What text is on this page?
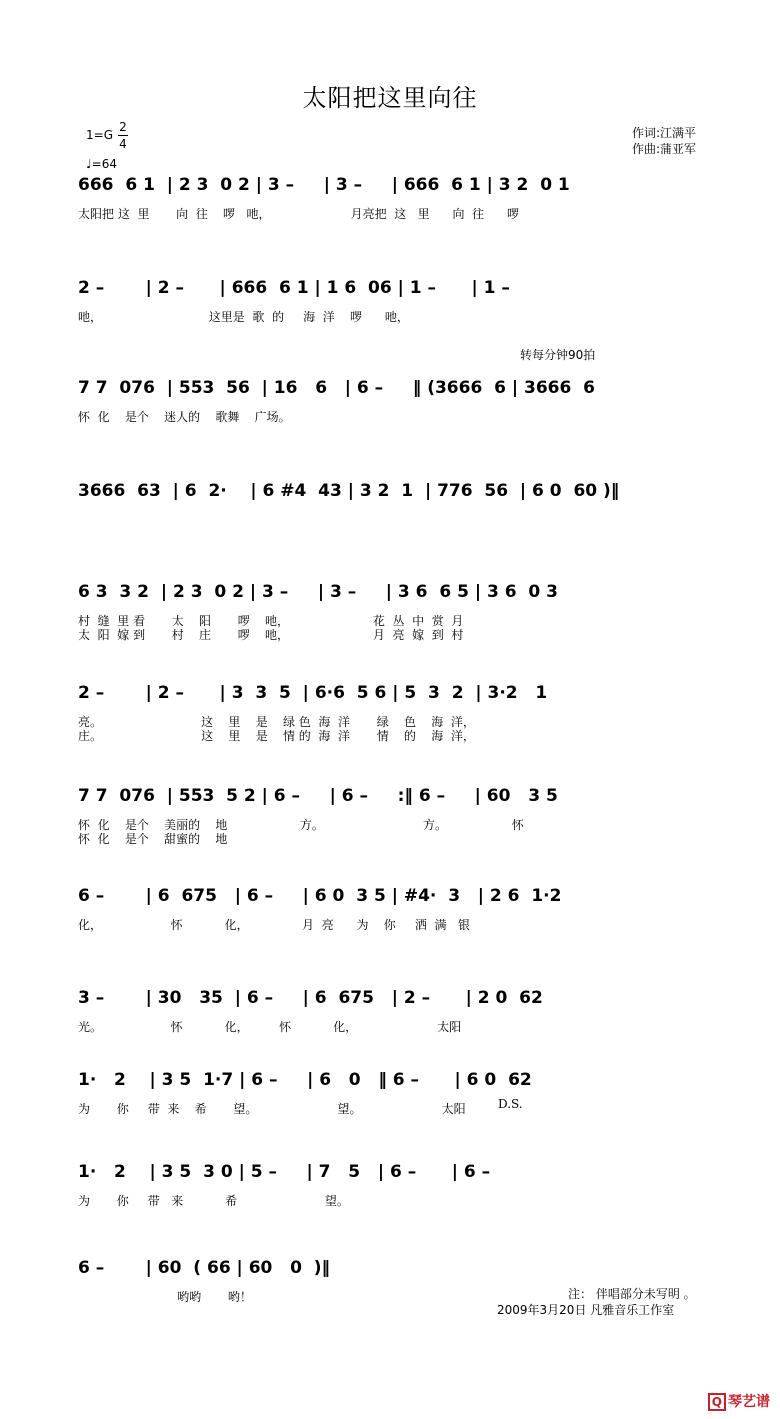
太阳把这里向往
1=G
2
4
♩=64
作词:江满平
作曲:蒲亚军
转每分钟90拍
D.S.
666  6 1  | 2 3  0 2 | 3 –     | 3 –     | 666  6 1 | 3 2  0 1
太阳把 这  里       向  往    啰   吔，                     月亮把  这   里      向  往      啰
2 –       | 2 –      | 666  6 1 | 1 6  06 | 1 –      | 1 –
吔，                            这里是  歌  的     海  洋    啰      吔，
7 7  076  | 553  56  | 16   6   | 6 –     ‖ (3666  6 | 3666  6
怀  化    是个    迷人的    歌舞    广场。
3666  63  | 6  2·    | 6 #4  43 | 3 2  1  | 776  56  | 6 0  60 )‖
6 3  3 2  | 2 3  0 2 | 3 –     | 3 –     | 3 6  6 5 | 3 6  0 3
村  缝  里 看       太    阳       啰    吔，                      花  丛  中  赏  月
太  阳  嫁 到       村    庄       啰    吔，                      月  亮  嫁  到  村
2 –       | 2 –      | 3  3  5  | 6·6  5 6 | 5  3  2  | 3·2   1
亮。                          这    里    是    绿 色  海  洋       绿    色    海  洋，
庄。                          这    里    是    情 的  海  洋       情    的    海  洋，
7 7  076  | 553  5 2 | 6 –     | 6 –     :‖ 6 –     | 60   3 5
怀  化    是个    美丽的    地                   方。                          方。                 怀
怀  化    是个    甜蜜的    地
6 –       | 6  675   | 6 –     | 6 0  3 5 | #4·  3   | 2 6  1·2
化，                  怀           化，              月  亮      为    你     洒  满   银
3 –       | 30   35  | 6 –     | 6  675   | 2 –      | 2 0  62
光。                  怀           化，        怀           化，                     太阳
1·   2    | 3 5  1·7 | 6 –     | 6   0   ‖ 6 –      | 6 0  62
为       你     带  来    希       望。                     望。                     太阳
1·   2    | 3 5  3 0 | 5 –     | 7   5   | 6 –      | 6 –
为       你     带   来           希                       望。
6 –       | 60  ( 66 | 60   0  )‖
哟哟       哟！	注： 伴唱部分未写明 。
2009年3月20日 凡雅音乐工作室
Q 琴艺谱
